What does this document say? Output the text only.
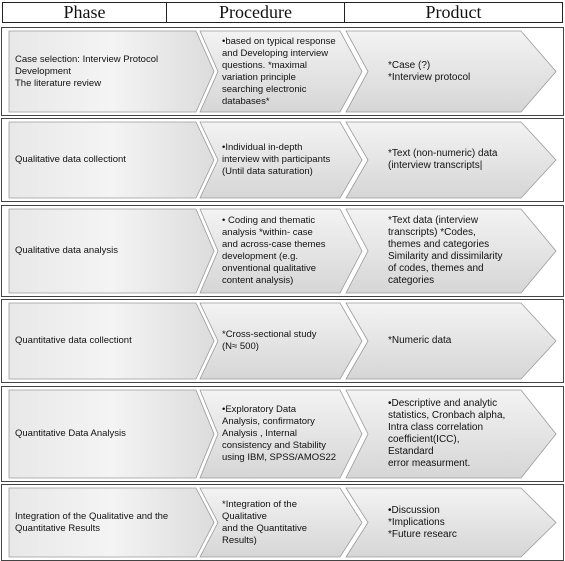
Phase	Procedure	Product
Case selection: Interview Protocol
Development
The literature review
•based on typical response
and Developing interview
questions. *maximal
variation principle
searching electronic
databases*
*Case (?)
*Interview protocol
Qualitative data collectiont
•Individual in-depth
interview with participants
(Until data saturation)
*Text (non-numeric) data
(interview transcripts|
Qualitative data analysis
• Coding and thematic
analysis *within- case
and across-case themes
development (e.g.
onventional qualitative
content analysis)
*Text data (interview
transcripts) *Codes,
themes and categories
Similarity and dissimilarity
of codes, themes and
categories
Quantitative data collectiont
*Cross-sectional study
(N≈ 500)
*Numeric data
Quantitative Data Analysis
•Exploratory Data
Analysis, confirmatory
Analysis , Internal
consistency and Stability
using IBM, SPSS/AMOS22
•Descriptive and analytic
statistics, Cronbach alpha,
Intra class correlation
coefficient(ICC),
Estandard
error measurment.
Integration of the Qualitative and the
Quantitative Results
*Integration of the
Qualitative
and the Quantitative
Results)
•Discussion
*Implications
*Future researc
